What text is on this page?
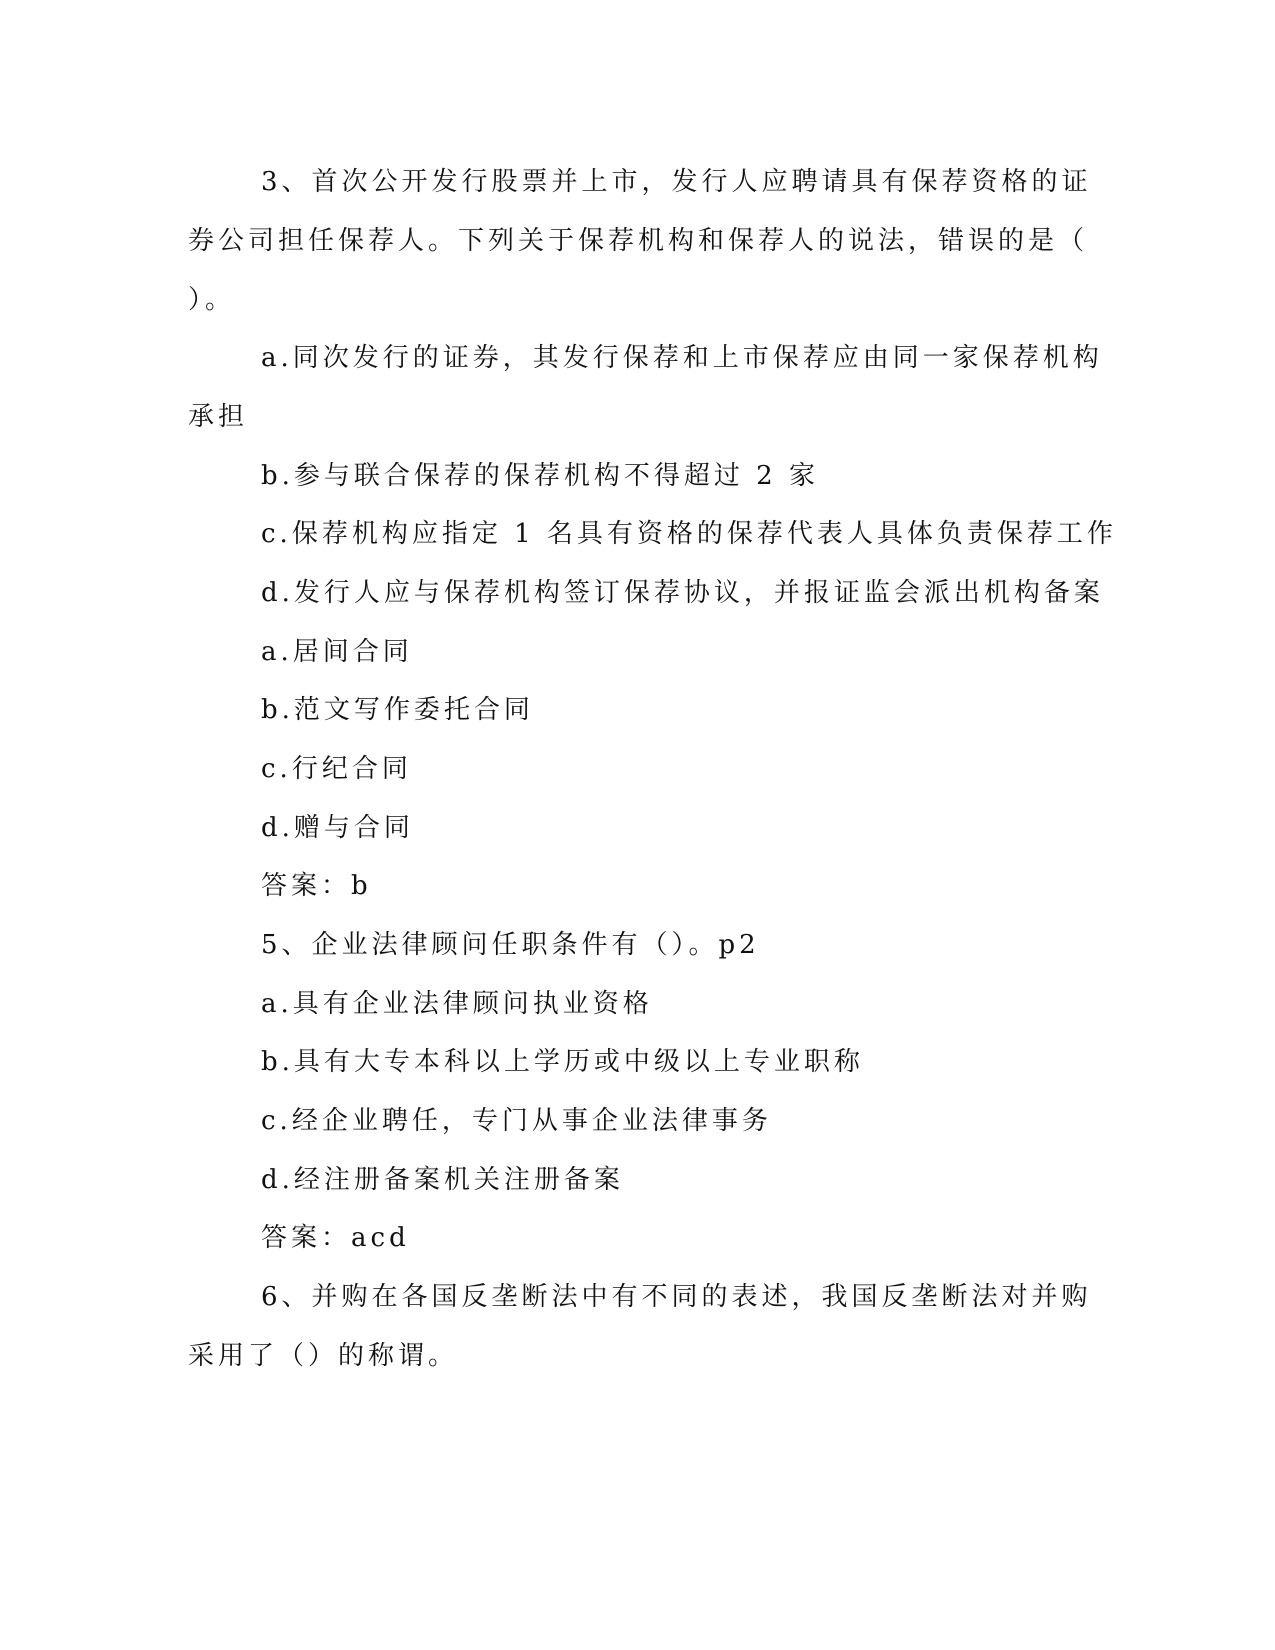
3、首次公开发行股票并上市，发行人应聘请具有保荐资格的证
券公司担任保荐人。下列关于保荐机构和保荐人的说法，错误的是（
）。
a.同次发行的证券，其发行保荐和上市保荐应由同一家保荐机构
承担
b.参与联合保荐的保荐机构不得超过 2 家
c.保荐机构应指定 1 名具有资格的保荐代表人具体负责保荐工作
d.发行人应与保荐机构签订保荐协议，并报证监会派出机构备案
a.居间合同
b.范文写作委托合同
c.行纪合同
d.赠与合同
答案：b
5、企业法律顾问任职条件有（）。p2
a.具有企业法律顾问执业资格
b.具有大专本科以上学历或中级以上专业职称
c.经企业聘任，专门从事企业法律事务
d.经注册备案机关注册备案
答案：acd
6、并购在各国反垄断法中有不同的表述，我国反垄断法对并购
采用了（）的称谓。
